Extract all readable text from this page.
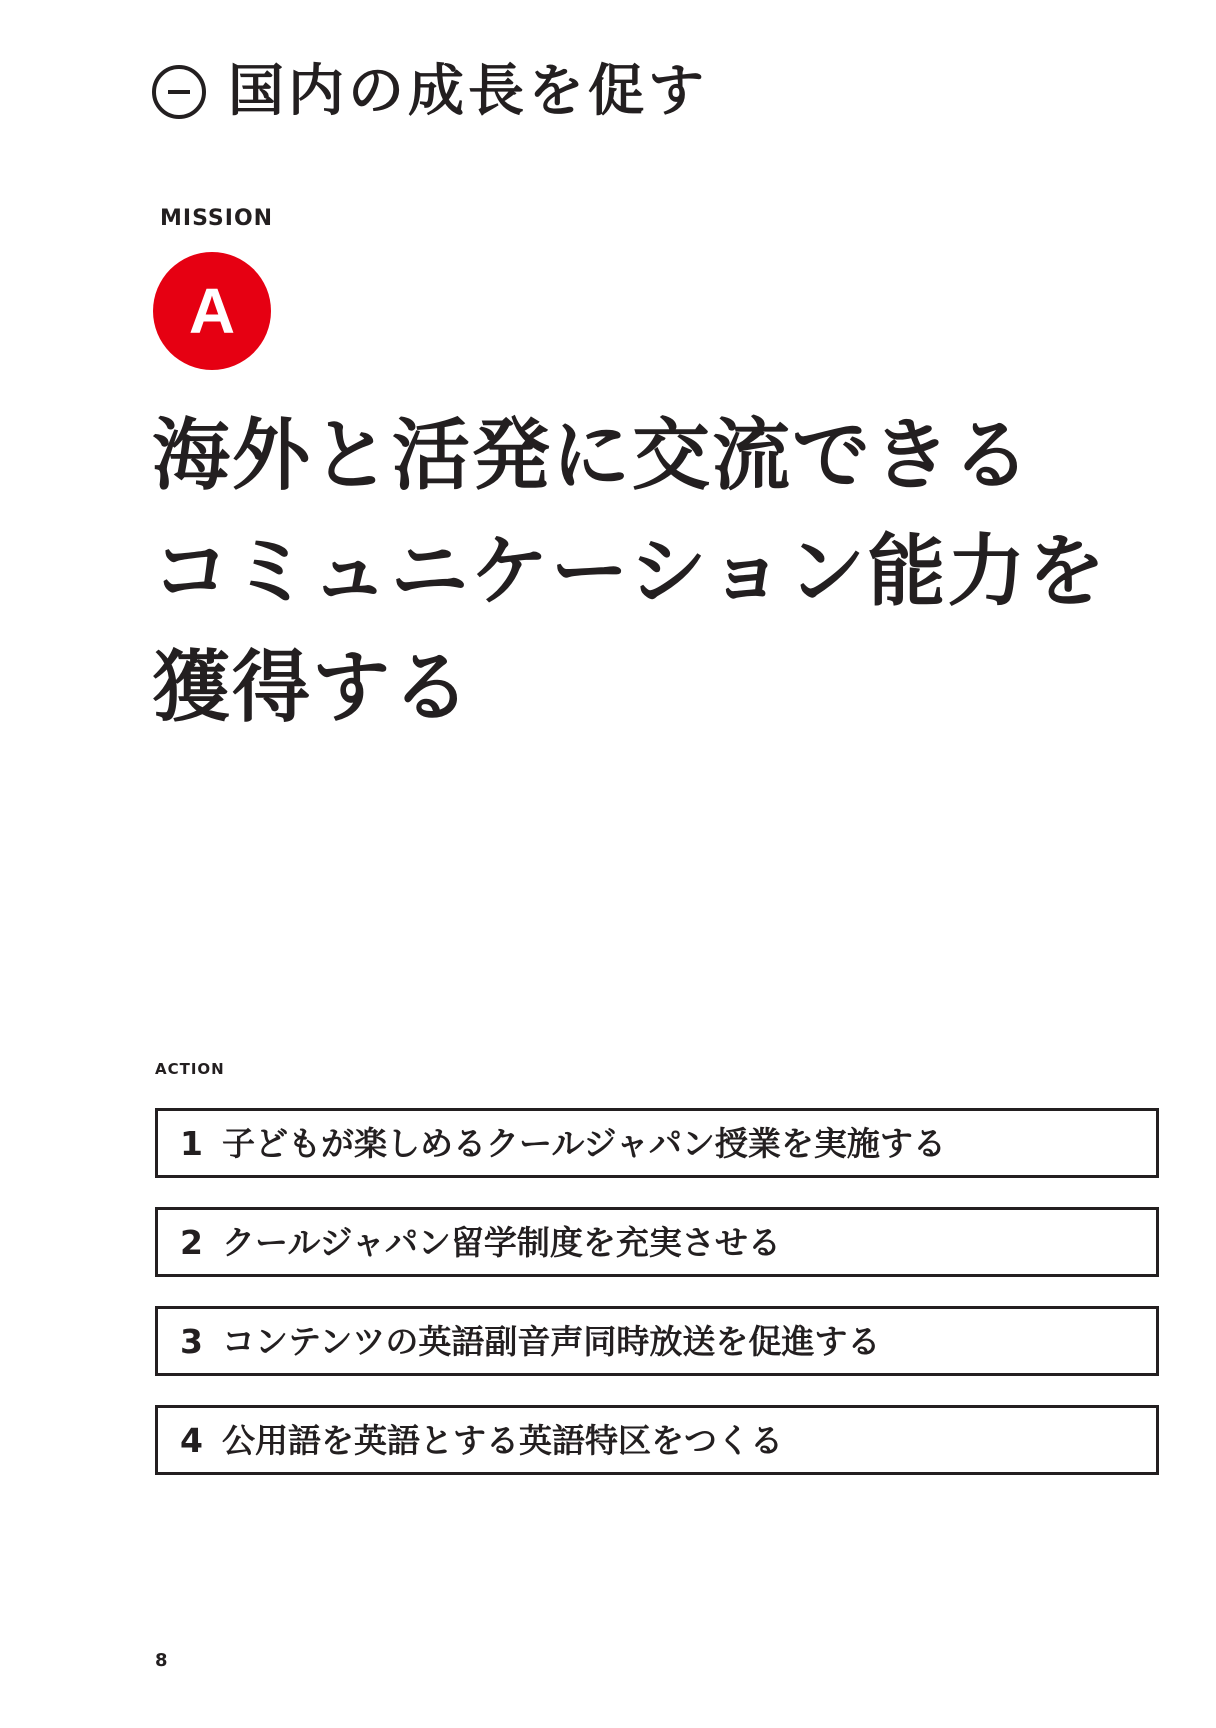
国内の成長を促す
MISSION
A
海外と活発に交流できる
コミュニケーション能力を
獲得する
ACTION
1 子どもが楽しめるクールジャパン授業を実施する
2 クールジャパン留学制度を充実させる
3 コンテンツの英語副音声同時放送を促進する
4 公用語を英語とする英語特区をつくる
8
